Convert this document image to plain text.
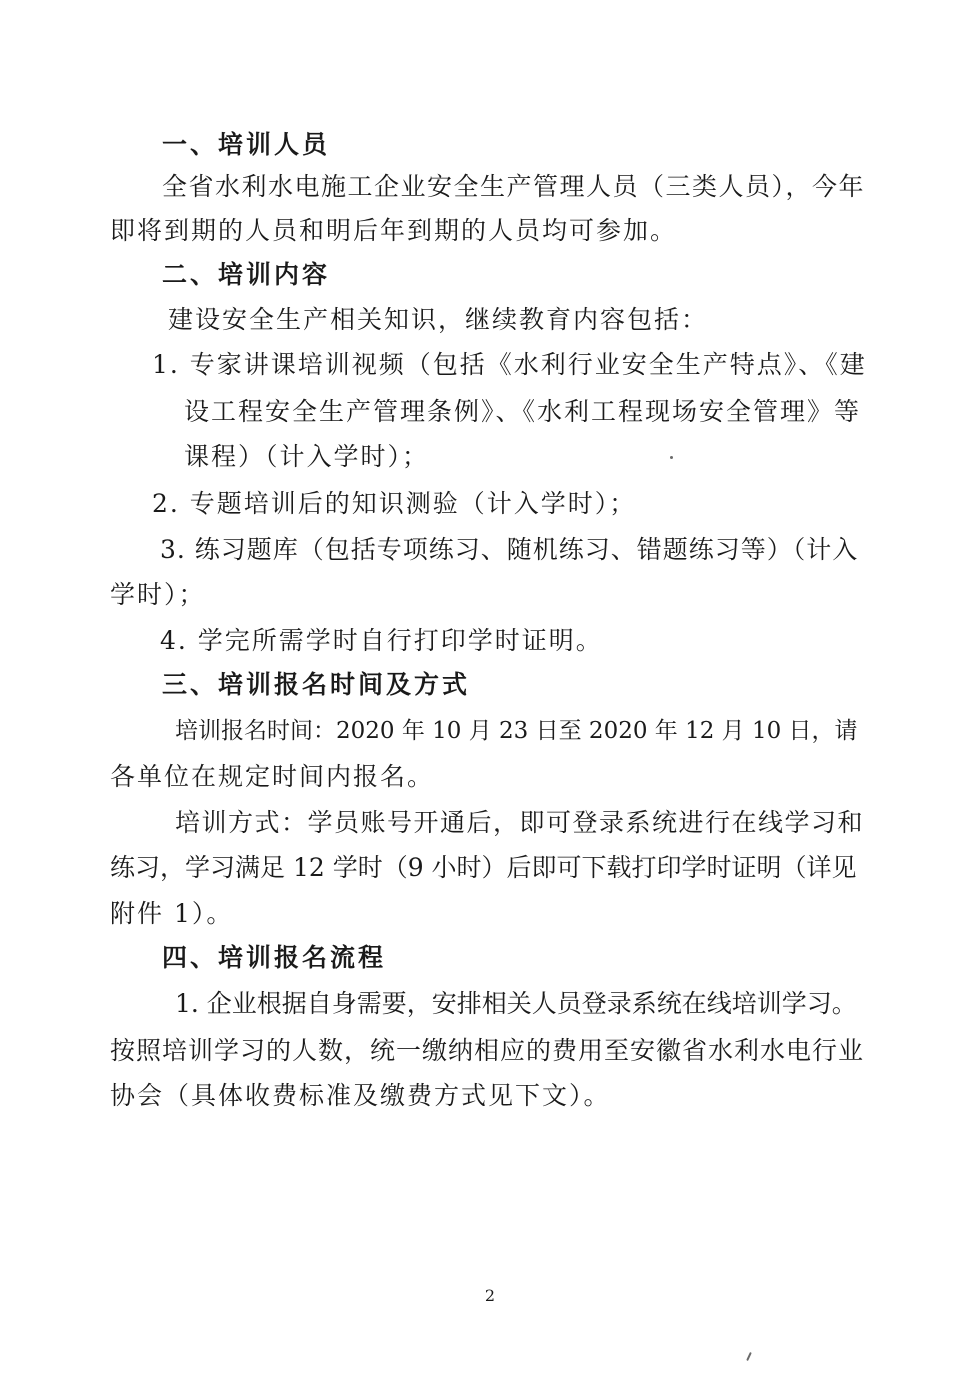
一、培训人员
全省水利水电施工企业安全生产管理人员（三类人员），今年
即将到期的人员和明后年到期的人员均可参加。
二、培训内容
建设安全生产相关知识，继续教育内容包括：
1. 专家讲课培训视频（包括《水利行业安全生产特点》、《建
设工程安全生产管理条例》、《水利工程现场安全管理》等
课程）（计入学时）；
2. 专题培训后的知识测验（计入学时）；
3. 练习题库（包括专项练习、随机练习、错题练习等）（计入
学时）；
4. 学完所需学时自行打印学时证明。
三、培训报名时间及方式
培训报名时间：2020 年 10 月 23 日至 2020 年 12 月 10 日，请
各单位在规定时间内报名。
培训方式：学员账号开通后，即可登录系统进行在线学习和
练习，学习满足 12 学时（9 小时）后即可下载打印学时证明（详见
附件 1）。
四、培训报名流程
1. 企业根据自身需要，安排相关人员登录系统在线培训学习。
按照培训学习的人数，统一缴纳相应的费用至安徽省水利水电行业
协会（具体收费标准及缴费方式见下文）。
2
